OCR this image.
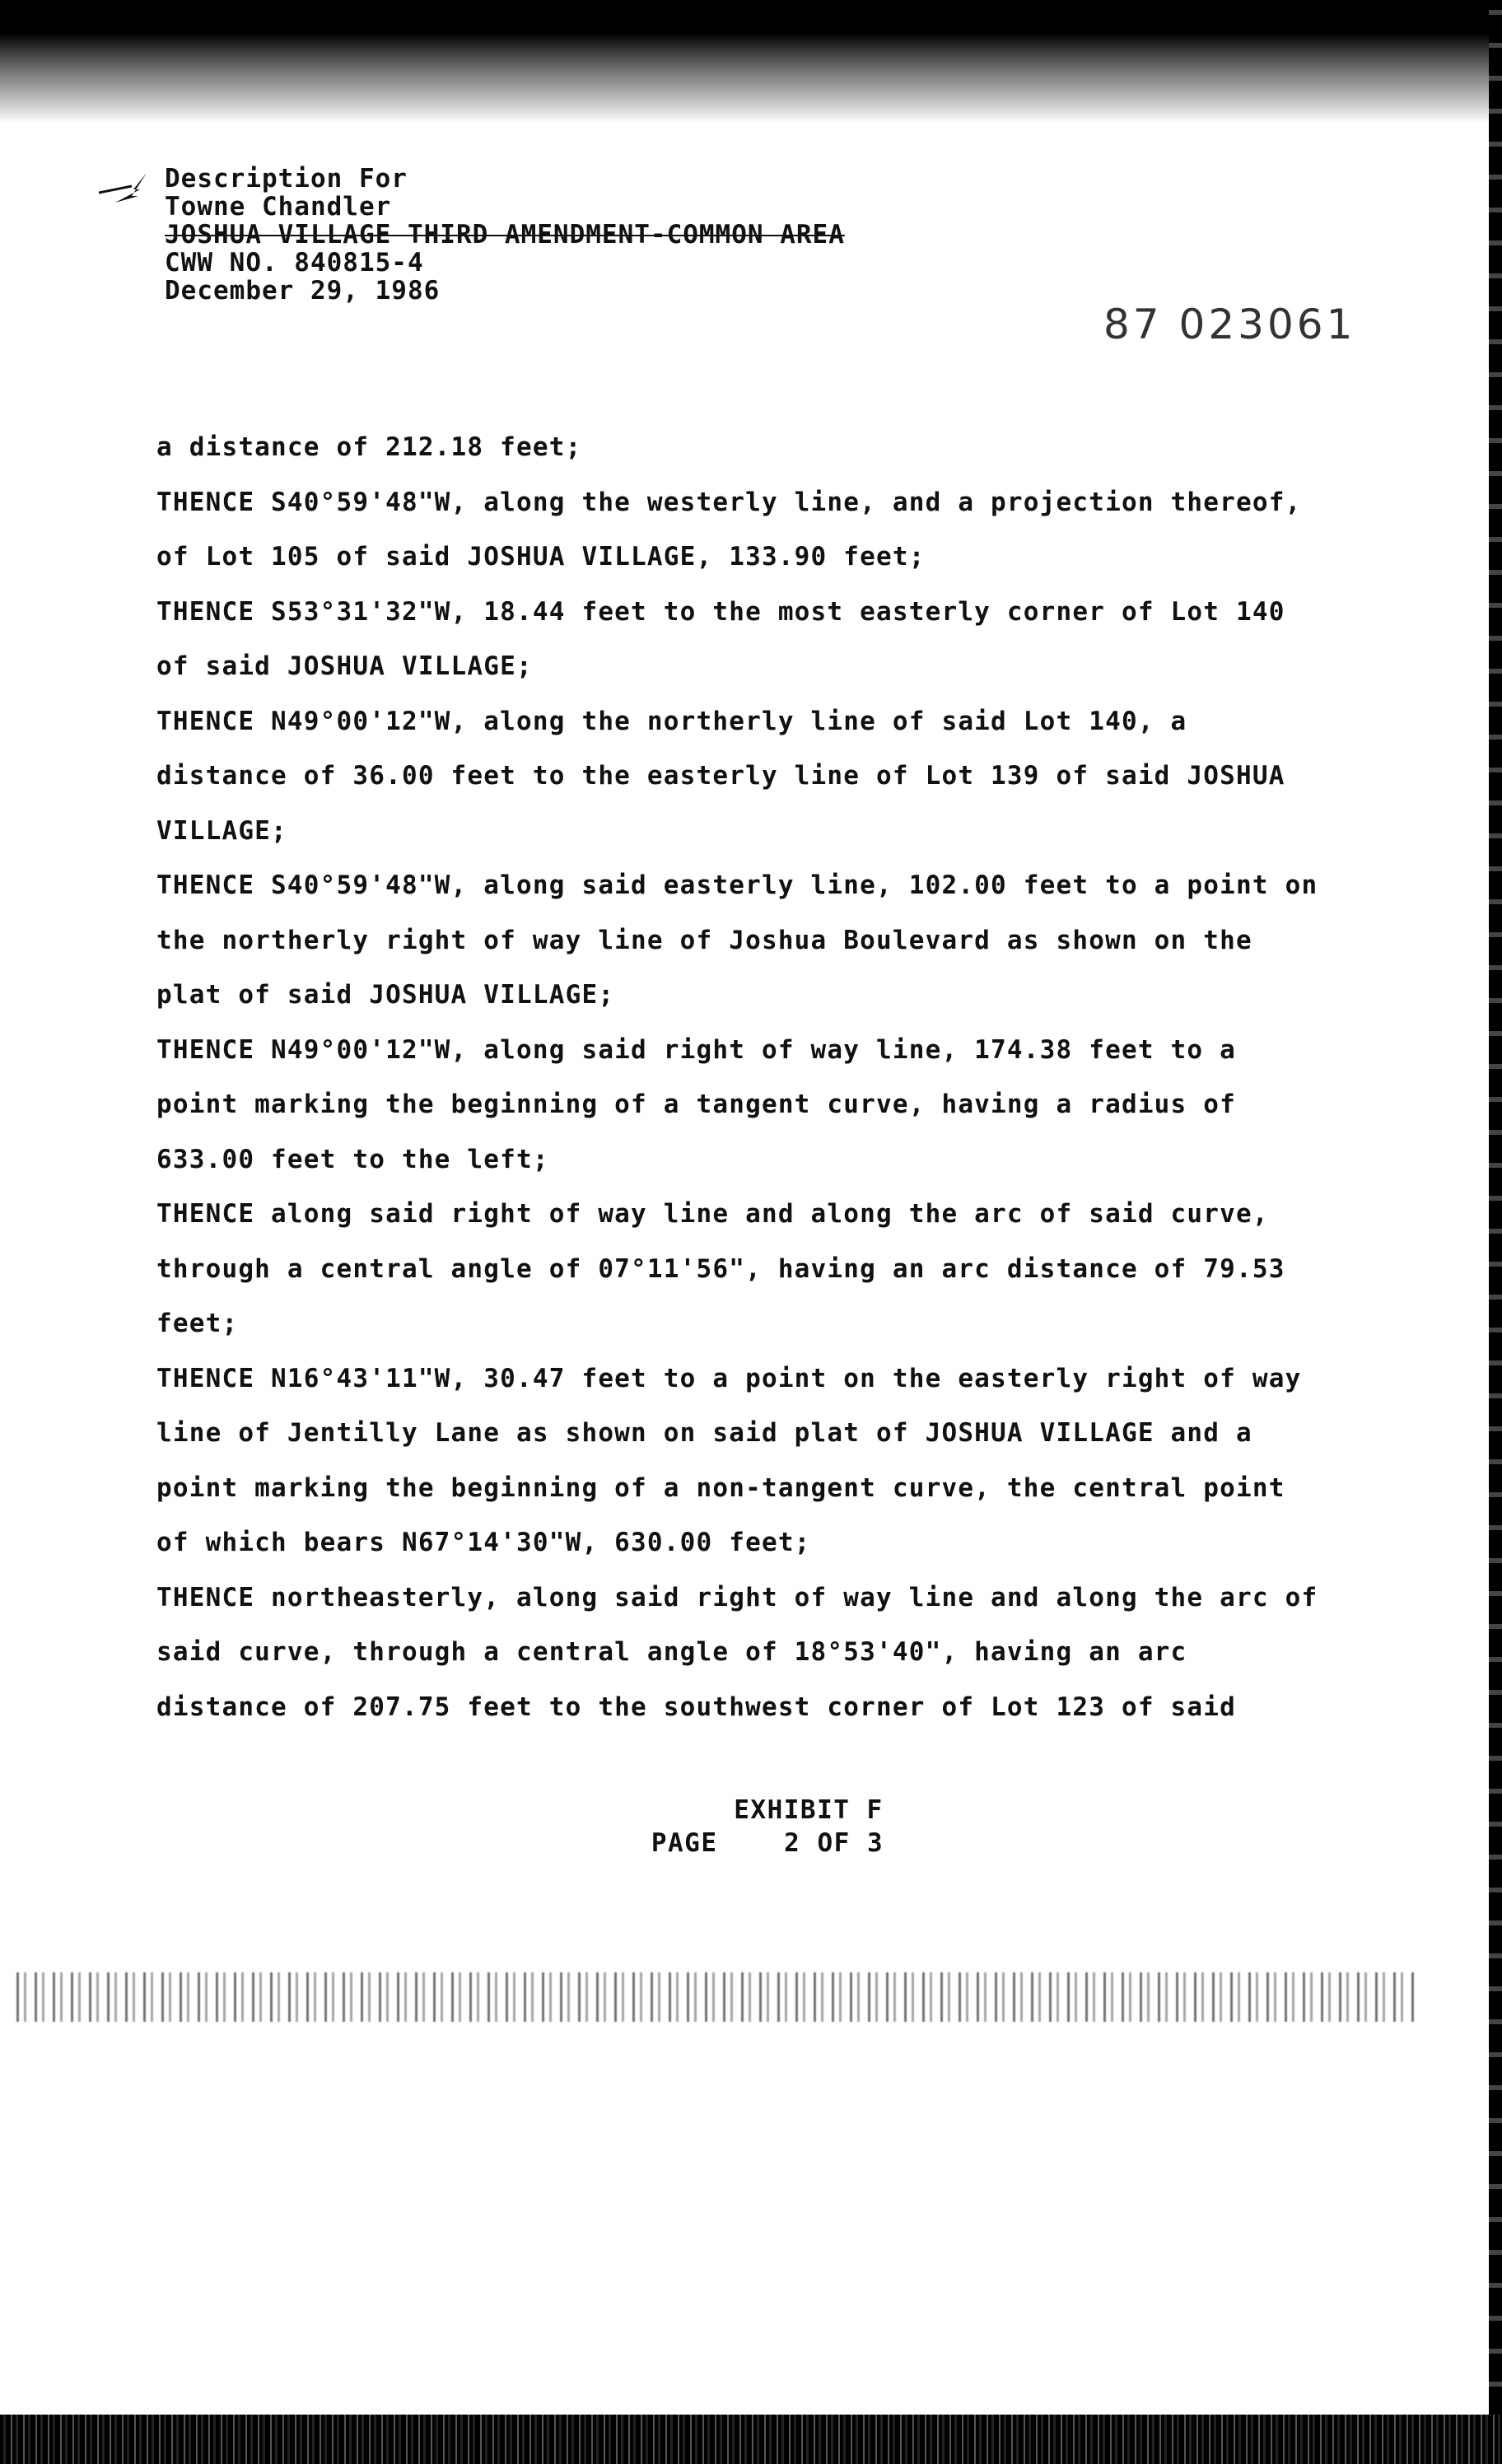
Description For
Towne Chandler
JOSHUA VILLAGE THIRD AMENDMENT-COMMON AREA
CWW NO. 840815-4
December 29, 1986
87 023061

a distance of 212.18 feet;

THENCE S40°59'48"W, along the westerly line, and a projection thereof,

of Lot 105 of said JOSHUA VILLAGE, 133.90 feet;

THENCE S53°31'32"W, 18.44 feet to the most easterly corner of Lot 140

of said JOSHUA VILLAGE;

THENCE N49°00'12"W, along the northerly line of said Lot 140, a

distance of 36.00 feet to the easterly line of Lot 139 of said JOSHUA

VILLAGE;

THENCE S40°59'48"W, along said easterly line, 102.00 feet to a point on

the northerly right of way line of Joshua Boulevard as shown on the

plat of said JOSHUA VILLAGE;

THENCE N49°00'12"W, along said right of way line, 174.38 feet to a

point marking the beginning of a tangent curve, having a radius of

633.00 feet to the left;

THENCE along said right of way line and along the arc of said curve,

through a central angle of 07°11'56", having an arc distance of 79.53

feet;

THENCE N16°43'11"W, 30.47 feet to a point on the easterly right of way

line of Jentilly Lane as shown on said plat of JOSHUA VILLAGE and a

point marking the beginning of a non-tangent curve, the central point

of which bears N67°14'30"W, 630.00 feet;

THENCE northeasterly, along said right of way line and along the arc of

said curve, through a central angle of 18°53'40", having an arc

distance of 207.75 feet to the southwest corner of Lot 123 of said

EXHIBIT F
PAGE    2 OF 3
